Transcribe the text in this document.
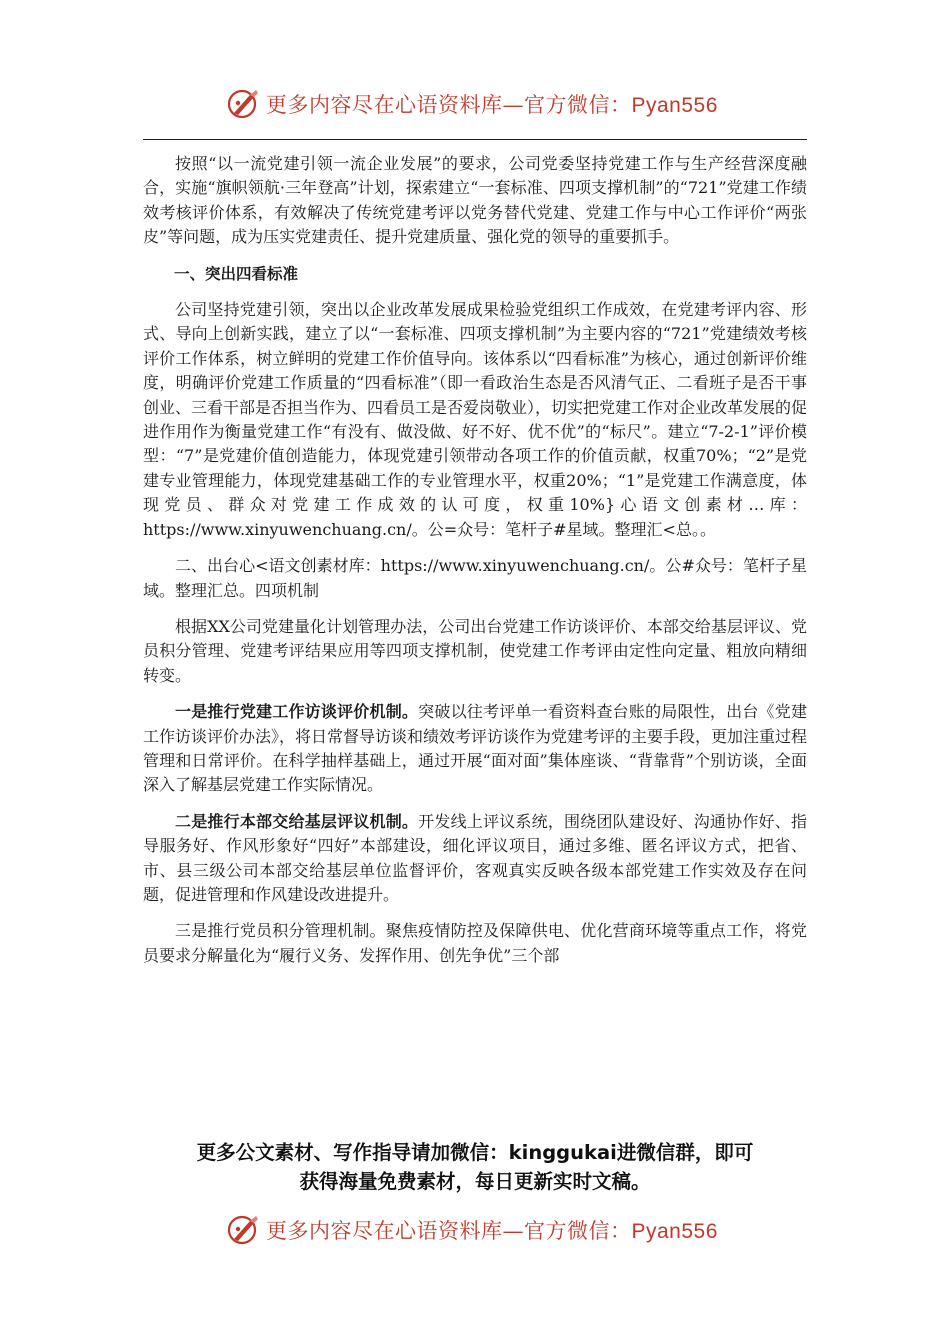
更多内容尽在心语资料库—官方微信：Pyan556

按照“以一流党建引领一流企业发展”的要求，公司党委坚持党建工作与生产经营深度融合，实施“旗帜领航·三年登高”计划，探索建立“一套标准、四项支撑机制”的“721”党建工作绩效考核评价体系，有效解决了传统党建考评以党务替代党建、党建工作与中心工作评价“两张皮”等问题，成为压实党建责任、提升党建质量、强化党的领导的重要抓手。

一、突出四看标准

公司坚持党建引领，突出以企业改革发展成果检验党组织工作成效，在党建考评内容、形式、导向上创新实践，建立了以“一套标准、四项支撑机制”为主要内容的“721”党建绩效考核评价工作体系，树立鲜明的党建工作价值导向。该体系以“四看标准”为核心，通过创新评价维度，明确评价党建工作质量的“四看标准”（即一看政治生态是否风清气正、二看班子是否干事创业、三看干部是否担当作为、四看员工是否爱岗敬业），切实把党建工作对企业改革发展的促进作用作为衡量党建工作“有没有、做没做、好不好、优不优”的“标尺”。建立“7-2-1”评价模型：“7”是党建价值创造能力，体现党建引领带动各项工作的价值贡献，权重70%；“2”是党建专业管理能力，体现党建基础工作的专业管理水平，权重20%；“1”是党建工作满意度，体现党员、群众对党建工作成效的认可度，权重10%}心语文创素材…库：https://www.xinyuwenchuang.cn/。公=众号：笔杆子#星域。整理汇<总。。

二、出台心<语文创素材库：https://www.xinyuwenchuang.cn/。公#众号：笔杆子星域。整理汇总。四项机制

根据XX公司党建量化计划管理办法，公司出台党建工作访谈评价、本部交给基层评议、党员积分管理、党建考评结果应用等四项支撑机制，使党建工作考评由定性向定量、粗放向精细转变。

一是推行党建工作访谈评价机制。突破以往考评单一看资料查台账的局限性，出台《党建工作访谈评价办法》，将日常督导访谈和绩效考评访谈作为党建考评的主要手段，更加注重过程管理和日常评价。在科学抽样基础上，通过开展“面对面”集体座谈、“背靠背”个别访谈，全面深入了解基层党建工作实际情况。

二是推行本部交给基层评议机制。开发线上评议系统，围绕团队建设好、沟通协作好、指导服务好、作风形象好“四好”本部建设，细化评议项目，通过多维、匿名评议方式，把省、市、县三级公司本部交给基层单位监督评价，客观真实反映各级本部党建工作实效及存在问题，促进管理和作风建设改进提升。

三是推行党员积分管理机制。聚焦疫情防控及保障供电、优化营商环境等重点工作，将党员要求分解量化为“履行义务、发挥作用、创先争优”三个部

更多公文素材、写作指导请加微信：kinggukai进微信群，即可
获得海量免费素材，每日更新实时文稿。
更多内容尽在心语资料库—官方微信：Pyan556
